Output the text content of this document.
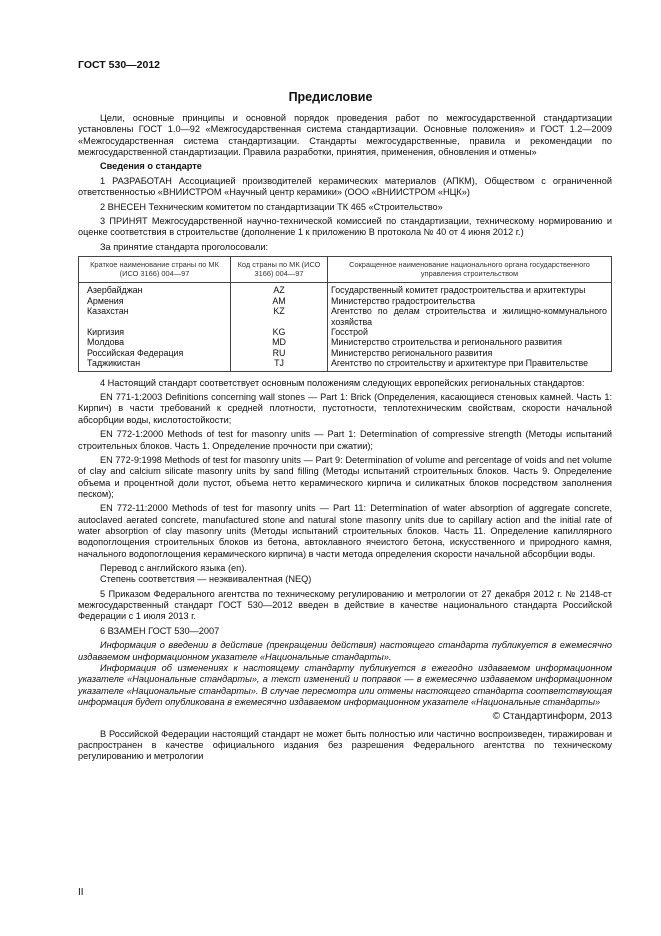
ГОСТ 530—2012
Предисловие

Цели, основные принципы и основной порядок проведения работ по межгосударственной стандартизации установлены ГОСТ 1.0—92 «Межгосударственная система стандартизации. Основные положения» и ГОСТ 1.2—2009 «Межгосударственная система стандартизации. Стандарты межгосударственные, правила и рекомендации по межгосударственной стандартизации. Правила разработки, принятия, применения, обновления и отмены»

Сведения о стандарте

1 РАЗРАБОТАН Ассоциацией производителей керамических материалов (АПКМ), Обществом с ограниченной ответственностью «ВНИИСТРОМ «Научный центр керамики» (ООО «ВНИИСТРОМ «НЦК»)

2 ВНЕСЕН Техническим комитетом по стандартизации ТК 465 «Строительство»

3 ПРИНЯТ Межгосударственной научно-технической комиссией по стандартизации, техническому нормированию и оценке соответствия в строительстве (дополнение 1 к приложению В протокола № 40 от 4 июня 2012 г.)

За принятие стандарта проголосовали:

Краткое наименование страны по МК (ИСО 3166) 004—97	Код страны по МК (ИСО 3166) 004—97	Сокращенное наименование национального органа государственного управления строительством
Азербайджан	AZ	Государственный комитет градостроительства и архитектуры
Армения	AM	Министерство градостроительства
Казахстан	KZ	Агентство по делам строительства и жилищно-коммунального хозяйства
Киргизия	KG	Госстрой
Молдова	MD	Министерство строительства и регионального развития
Российская Федерация	RU	Министерство регионального развития
Таджикистан	TJ	Агентство по строительству и архитектуре при Правительстве

4 Настоящий стандарт соответствует основным положениям следующих европейских региональных стандартов:

EN 771-1:2003 Definitions concerning wall stones — Part 1: Brick (Определения, касающиеся стеновых камней. Часть 1: Кирпич) в части требований к средней плотности, пустотности, теплотехническим свойствам, скорости начальной абсорбции воды, кислотостойкости;

EN 772-1:2000 Methods of test for masonry units — Part 1: Determination of compressive strength (Методы испытаний строительных блоков. Часть 1. Определение прочности при сжатии);

EN 772-9:1998 Methods of test for masonry units — Part 9: Determination of volume and percentage of voids and net volume of clay and calcium silicate masonry units by sand filling (Методы испытаний строительных блоков. Часть 9. Определение объема и процентной доли пустот, объема нетто керамического кирпича и силикатных блоков посредством заполнения песком);

EN 772-11:2000 Methods of test for masonry units — Part 11: Determination of water absorption of aggregate concrete, autoclaved aerated concrete, manufactured stone and natural stone masonry units due to capillary action and the initial rate of water absorption of clay masonry units (Методы испытаний строительных блоков. Часть 11. Определение капиллярного водопоглощения строительных блоков из бетона, автоклавного ячеистого бетона, искусственного и природного камня, начального водопоглощения керамического кирпича) в части метода определения скорости начальной абсорбции воды.

Перевод с английского языка (en).

Степень соответствия — неэквивалентная (NEQ)

5 Приказом Федерального агентства по техническому регулированию и метрологии от 27 декабря 2012 г. № 2148-ст межгосударственный стандарт ГОСТ 530—2012 введен в действие в качестве национального стандарта Российской Федерации с 1 июля 2013 г.

6 ВЗАМЕН ГОСТ 530—2007

Информация о введении в действие (прекращении действия) настоящего стандарта публикуется в ежемесячно издаваемом информационном указателе «Национальные стандарты».

Информация об изменениях к настоящему стандарту публикуется в ежегодно издаваемом информационном указателе «Национальные стандарты», а текст изменений и поправок — в ежемесячно издаваемом информационном указателе «Национальные стандарты». В случае пересмотра или отмены настоящего стандарта соответствующая информация будет опубликована в ежемесячно издаваемом информационном указателе «Национальные стандарты»

© Стандартинформ, 2013

В Российской Федерации настоящий стандарт не может быть полностью или частично воспроизведен, тиражирован и распространен в качестве официального издания без разрешения Федерального агентства по техническому регулированию и метрологии

II
